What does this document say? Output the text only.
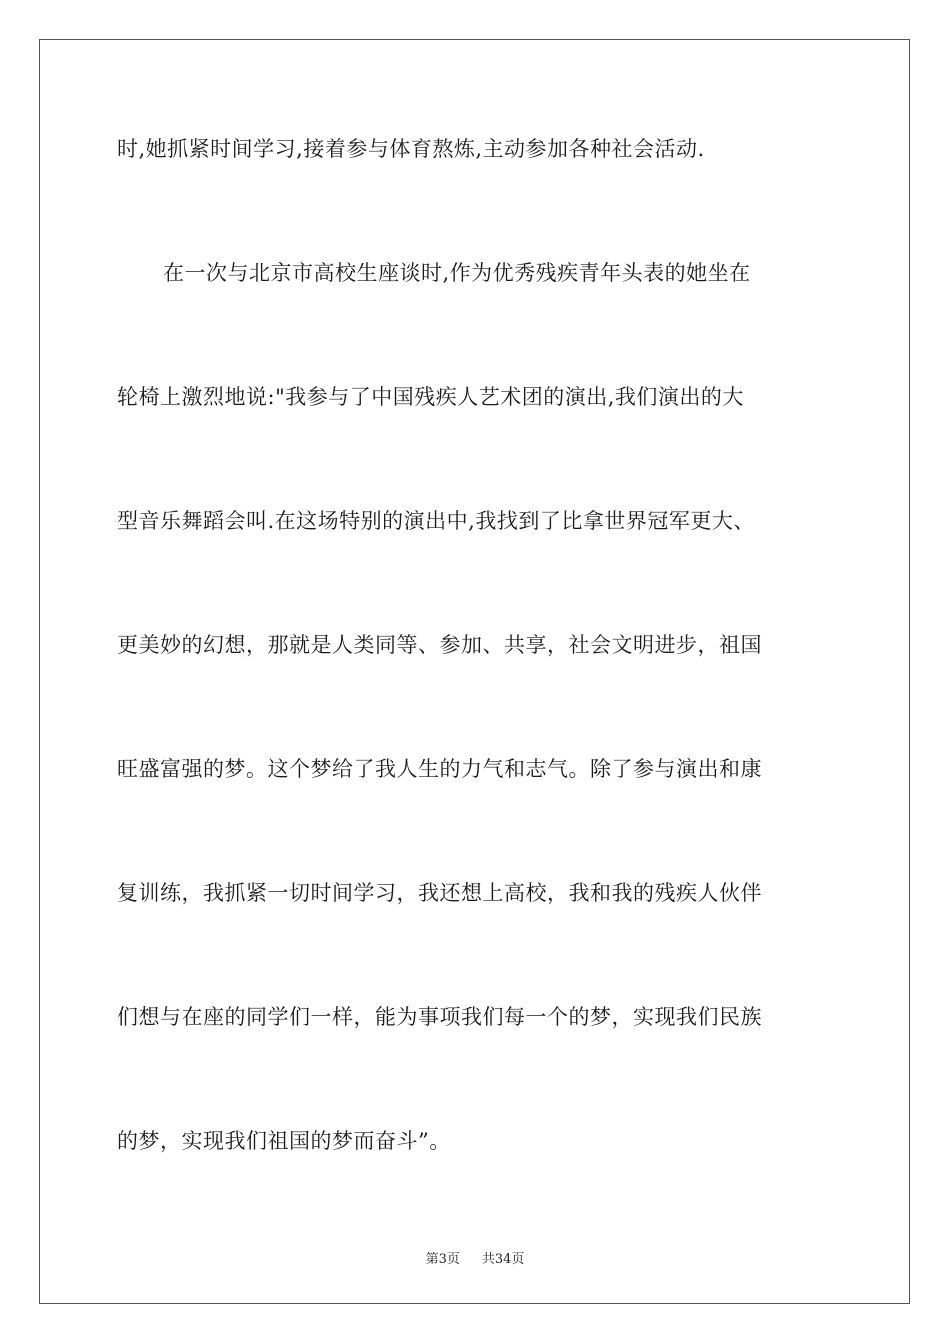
时,她抓紧时间学习,接着参与体育熬炼,主动参加各种社会活动.
在一次与北京市高校生座谈时,作为优秀残疾青年头表的她坐在
轮椅上激烈地说:"我参与了中国残疾人艺术团的演出,我们演出的大
型音乐舞蹈会叫.在这场特别的演出中,我找到了比拿世界冠军更大、
更美妙的幻想，那就是人类同等、参加、共享，社会文明进步，祖国
旺盛富强的梦。这个梦给了我人生的力气和志气。除了参与演出和康
复训练，我抓紧一切时间学习，我还想上高校，我和我的残疾人伙伴
们想与在座的同学们一样，能为事项我们每一个的梦，实现我们民族
的梦，实现我们祖国的梦而奋斗”。
第3页 共34页
